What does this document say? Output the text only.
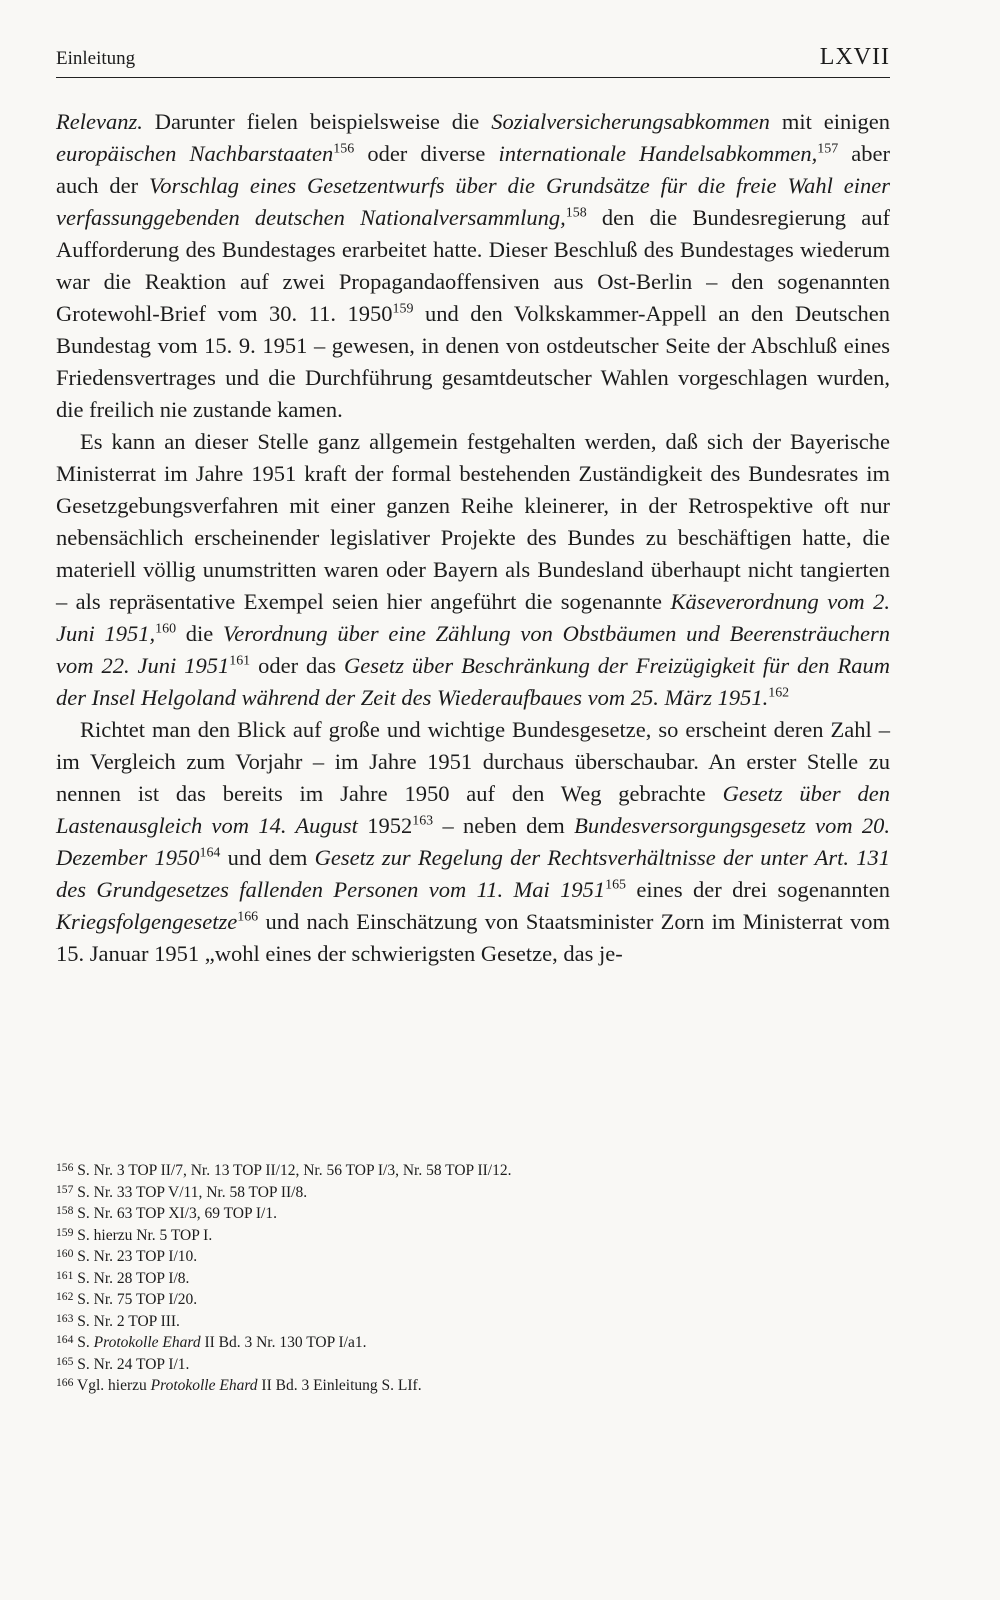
Einleitung	LXVII

Relevanz. Darunter fielen beispielsweise die Sozialversicherungsabkommen mit einigen europäischen Nachbarstaaten$^{156}$ oder diverse internationale Handelsabkommen,$^{157}$ aber auch der Vorschlag eines Gesetzentwurfs über die Grundsätze für die freie Wahl einer verfassunggebenden deutschen Nationalversammlung,$^{158}$ den die Bundesregierung auf Aufforderung des Bundestages erarbeitet hatte. Dieser Beschluß des Bundestages wiederum war die Reaktion auf zwei Propagandaoffensiven aus Ost-Berlin – den sogenannten Grotewohl-Brief vom 30. 11. 1950$^{159}$ und den Volkskammer-Appell an den Deutschen Bundestag vom 15. 9. 1951 – gewesen, in denen von ostdeutscher Seite der Abschluß eines Friedensvertrages und die Durchführung gesamtdeutscher Wahlen vorgeschlagen wurden, die freilich nie zustande kamen.

Es kann an dieser Stelle ganz allgemein festgehalten werden, daß sich der Bayerische Ministerrat im Jahre 1951 kraft der formal bestehenden Zuständigkeit des Bundesrates im Gesetzgebungsverfahren mit einer ganzen Reihe kleinerer, in der Retrospektive oft nur nebensächlich erscheinender legislativer Projekte des Bundes zu beschäftigen hatte, die materiell völlig unumstritten waren oder Bayern als Bundesland überhaupt nicht tangierten – als repräsentative Exempel seien hier angeführt die sogenannte Käseverordnung vom 2. Juni 1951,$^{160}$ die Verordnung über eine Zählung von Obstbäumen und Beerensträuchern vom 22. Juni 1951$^{161}$ oder das Gesetz über Beschränkung der Freizügigkeit für den Raum der Insel Helgoland während der Zeit des Wiederaufbaues vom 25. März 1951.$^{162}$

Richtet man den Blick auf große und wichtige Bundesgesetze, so erscheint deren Zahl – im Vergleich zum Vorjahr – im Jahre 1951 durchaus überschaubar. An erster Stelle zu nennen ist das bereits im Jahre 1950 auf den Weg gebrachte Gesetz über den Lastenausgleich vom 14. August 1952$^{163}$ – neben dem Bundesversorgungsgesetz vom 20. Dezember 1950$^{164}$ und dem Gesetz zur Regelung der Rechtsverhältnisse der unter Art. 131 des Grundgesetzes fallenden Personen vom 11. Mai 1951$^{165}$ eines der drei sogenannten Kriegsfolgengesetze$^{166}$ und nach Einschätzung von Staatsminister Zorn im Ministerrat vom 15. Januar 1951 „wohl eines der schwierigsten Gesetze, das je-

$^{156}$ S. Nr. 3 TOP II/7, Nr. 13 TOP II/12, Nr. 56 TOP I/3, Nr. 58 TOP II/12.
$^{157}$ S. Nr. 33 TOP V/11, Nr. 58 TOP II/8.
$^{158}$ S. Nr. 63 TOP XI/3, 69 TOP I/1.
$^{159}$ S. hierzu Nr. 5 TOP I.
$^{160}$ S. Nr. 23 TOP I/10.
$^{161}$ S. Nr. 28 TOP I/8.
$^{162}$ S. Nr. 75 TOP I/20.
$^{163}$ S. Nr. 2 TOP III.
$^{164}$ S. Protokolle Ehard II Bd. 3 Nr. 130 TOP I/a1.
$^{165}$ S. Nr. 24 TOP I/1.
$^{166}$ Vgl. hierzu Protokolle Ehard II Bd. 3 Einleitung S. LIf.
